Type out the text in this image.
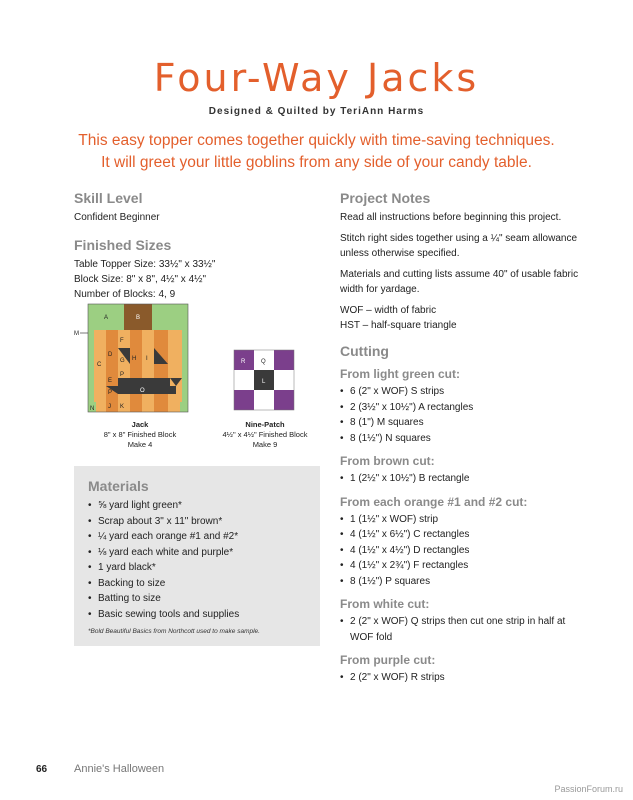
Four-Way Jacks
Designed & Quilted by TeriAnn Harms
This easy topper comes together quickly with time-saving techniques.
It will greet your little goblins from any side of your candy table.
Skill Level
Confident Beginner
Finished Sizes
Table Topper Size: 33½" x 33½"
Block Size: 8" x 8", 4½" x 4½"
Number of Blocks: 4, 9
M
A	B
F
D
G H I
C
E
P
O
P
N J K
R	Q
L
Jack
8" x 8" Finished Block
Make 4
Nine-Patch
4½" x 4½" Finished Block
Make 9
Materials
• ⅝ yard light green*
• Scrap about 3" x 11" brown*
• ¼ yard each orange #1 and #2*
• ⅛ yard each white and purple*
• 1 yard black*
• Backing to size
• Batting to size
• Basic sewing tools and supplies
*Bold Beautiful Basics from Northcott used to make sample.
Project Notes
Read all instructions before beginning this project.
Stitch right sides together using a ¼" seam allowance unless otherwise specified.
Materials and cutting lists assume 40" of usable fabric width for yardage.
WOF – width of fabric
HST – half-square triangle
Cutting
From light green cut:
• 6 (2" x WOF) S strips
• 2 (3½" x 10½") A rectangles
• 8 (1") M squares
• 8 (1½") N squares
From brown cut:
• 1 (2½" x 10½") B rectangle
From each orange #1 and #2 cut:
• 1 (1½" x WOF) strip
• 4 (1½" x 6½") C rectangles
• 4 (1½" x 4½") D rectangles
• 4 (1½" x 2¾") F rectangles
• 8 (1½") P squares
From white cut:
• 2 (2" x WOF) Q strips then cut one strip in half at WOF fold
From purple cut:
• 2 (2" x WOF) R strips
66 Annie's Halloween
PassionForum.ru
